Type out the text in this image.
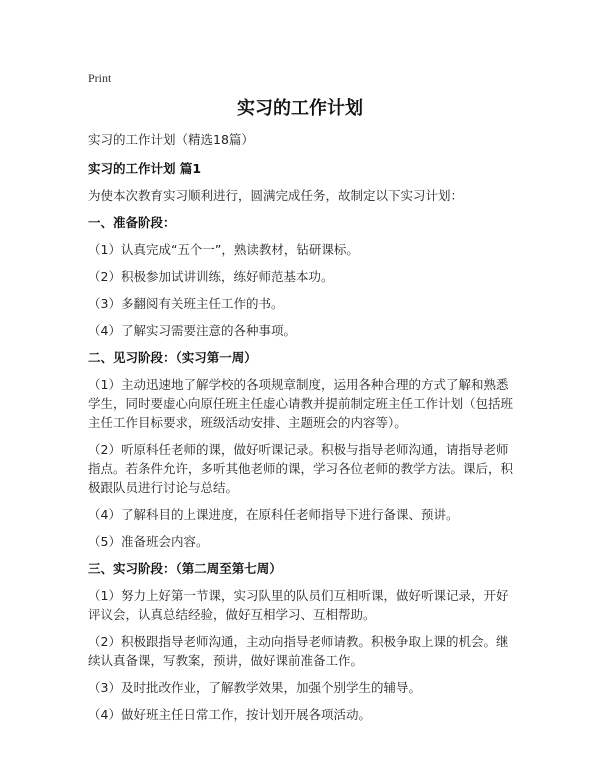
Print
实习的工作计划
实习的工作计划（精选18篇）
实习的工作计划 篇1
为使本次教育实习顺利进行，圆满完成任务，故制定以下实习计划：
一、准备阶段：
（1）认真完成“五个一”，熟读教材，钻研课标。
（2）积极参加试讲训练，练好师范基本功。
（3）多翻阅有关班主任工作的书。
（4）了解实习需要注意的各种事项。
二、见习阶段：（实习第一周）
（1）主动迅速地了解学校的各项规章制度，运用各种合理的方式了解和熟悉学生，同时要虚心向原任班主任虚心请教并提前制定班主任工作计划（包括班主任工作目标要求，班级活动安排、主题班会的内容等）。
（2）听原科任老师的课，做好听课记录。积极与指导老师沟通，请指导老师指点。若条件允许，多听其他老师的课，学习各位老师的教学方法。课后，积极跟队员进行讨论与总结。
（4）了解科目的上课进度，在原科任老师指导下进行备课、预讲。
（5）准备班会内容。
三、实习阶段：（第二周至第七周）
（1）努力上好第一节课，实习队里的队员们互相听课，做好听课记录，开好评议会，认真总结经验，做好互相学习、互相帮助。
（2）积极跟指导老师沟通，主动向指导老师请教。积极争取上课的机会。继续认真备课，写教案，预讲，做好课前准备工作。
（3）及时批改作业，了解教学效果，加强个别学生的辅导。
（4）做好班主任日常工作，按计划开展各项活动。
